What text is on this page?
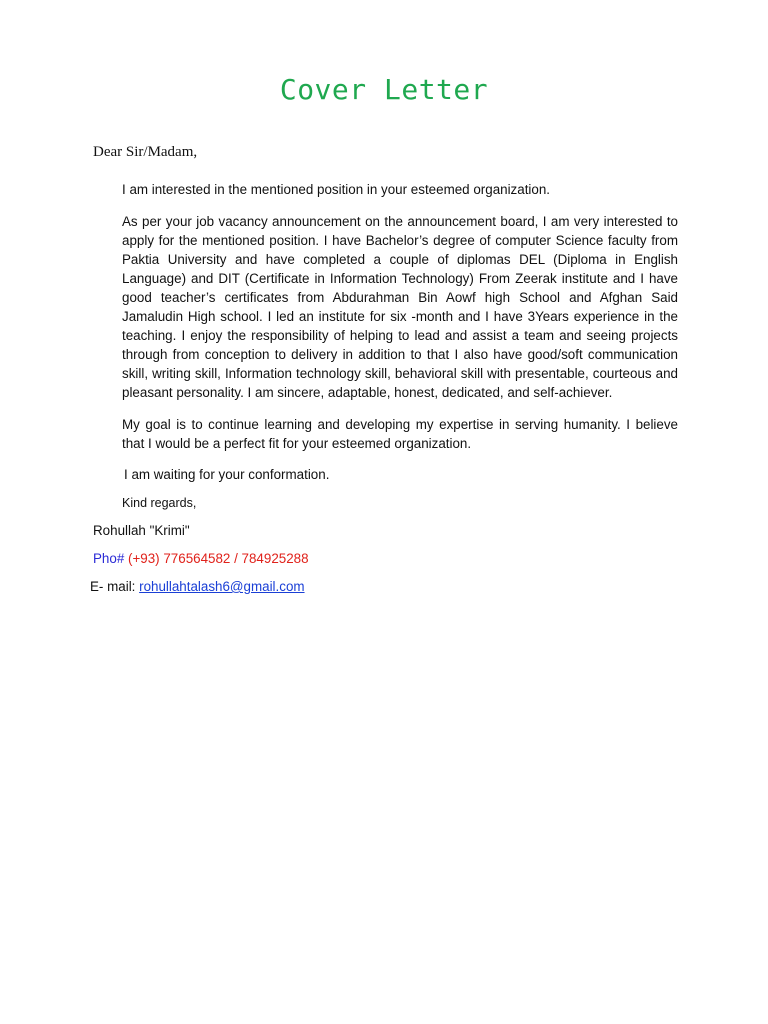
Cover Letter
Dear Sir/Madam,
I am interested in the mentioned position in your esteemed organization.
As per your job vacancy announcement on the announcement board, I am very interested to apply for the mentioned position. I have Bachelor’s degree of computer Science faculty from Paktia University and have completed a couple of diplomas DEL (Diploma in English Language) and DIT (Certificate in Information Technology) From Zeerak institute and I have good teacher’s certificates from Abdurahman Bin Aowf high School and Afghan Said Jamaludin High school. I led an institute for six -month and I have 3Years experience in the teaching. I enjoy the responsibility of helping to lead and assist a team and seeing projects through from conception to delivery in addition to that I also have good/soft communication skill, writing skill, Information technology skill, behavioral skill with presentable, courteous and pleasant personality. I am sincere, adaptable, honest, dedicated, and self-achiever.
My goal is to continue learning and developing my expertise in serving humanity. I believe that I would be a perfect fit for your esteemed organization.
I am waiting for your conformation.
Kind regards,
Rohullah "Krimi"
Pho# (+93) 776564582 / 784925288
E- mail: rohullahtalash6@gmail.com
